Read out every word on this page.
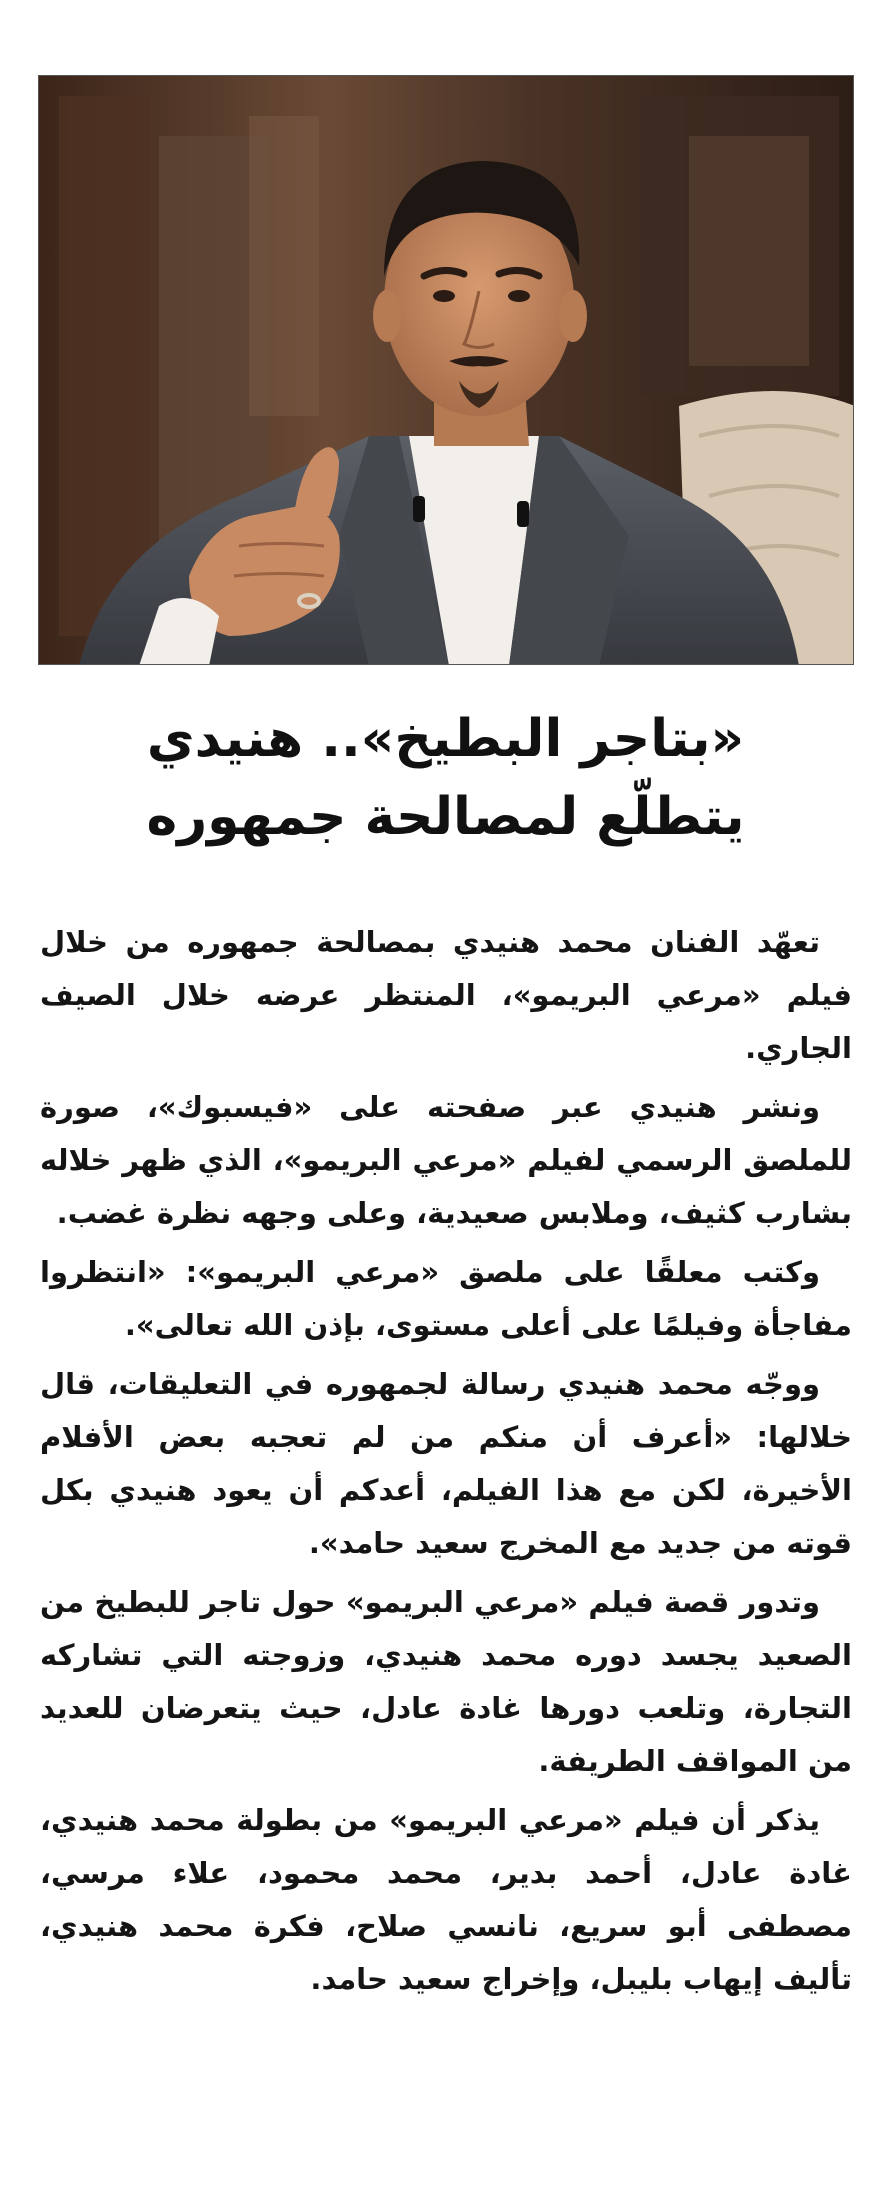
«بتاجر البطيخ».. هنيدي
يتطلّع لمصالحة جمهوره

تعهّد الفنان محمد هنيدي بمصالحة جمهوره من خلال فيلم «مرعي البريمو»، المنتظر عرضه خلال الصيف الجاري.

ونشر هنيدي عبر صفحته على «فيسبوك»، صورة للملصق الرسمي لفيلم «مرعي البريمو»، الذي ظهر خلاله بشارب كثيف، وملابس صعيدية، وعلى وجهه نظرة غضب.

وكتب معلقًا على ملصق «مرعي البريمو»: «انتظروا مفاجأة وفيلمًا على أعلى مستوى، بإذن الله تعالى».

ووجّه محمد هنيدي رسالة لجمهوره في التعليقات، قال خلالها: «أعرف أن منكم من لم تعجبه بعض الأفلام الأخيرة، لكن مع هذا الفيلم، أعدكم أن يعود هنيدي بكل قوته من جديد مع المخرج سعيد حامد».

وتدور قصة فيلم «مرعي البريمو» حول تاجر للبطيخ من الصعيد يجسد دوره محمد هنيدي، وزوجته التي تشاركه التجارة، وتلعب دورها غادة عادل، حيث يتعرضان للعديد من المواقف الطريفة.

يذكر أن فيلم «مرعي البريمو» من بطولة محمد هنيدي، غادة عادل، أحمد بدير، محمد محمود، علاء مرسي، مصطفى أبو سريع، نانسي صلاح، فكرة محمد هنيدي، تأليف إيهاب بليبل، وإخراج سعيد حامد.
